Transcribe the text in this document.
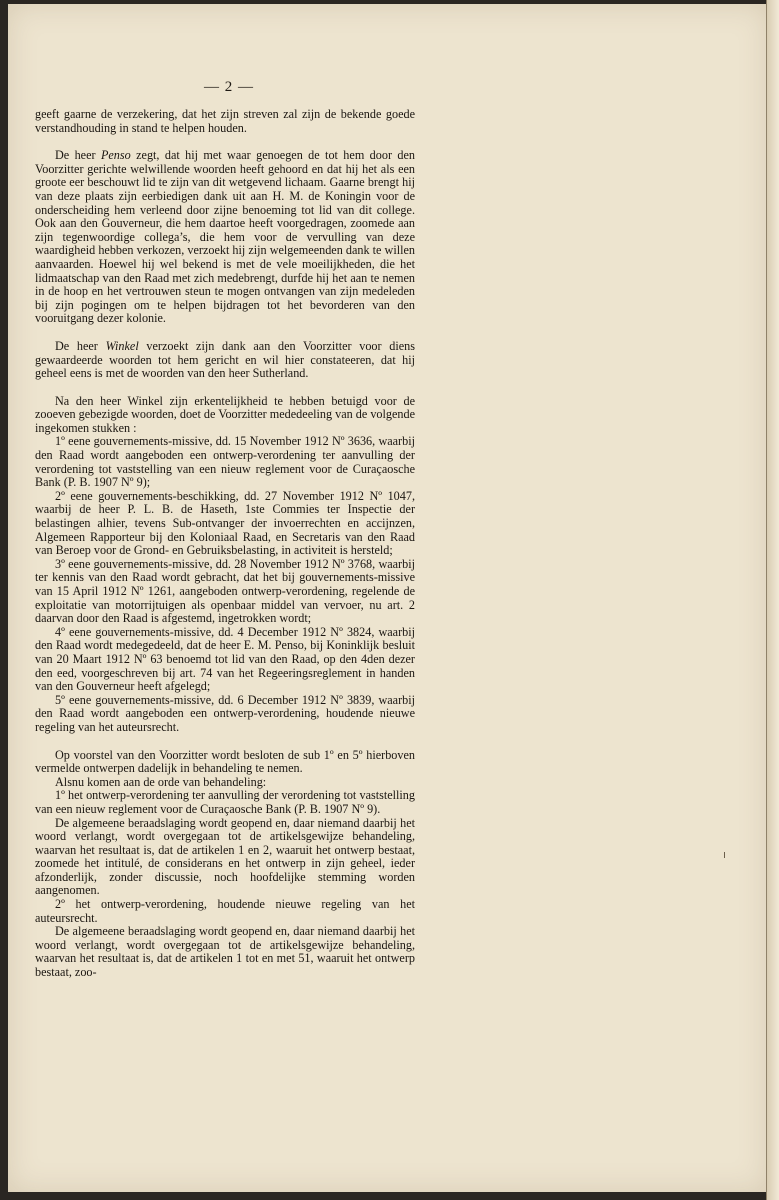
— 2 —

geeft gaarne de verzekering, dat het zijn streven zal zijn de bekende goede verstandhouding in stand te helpen houden.

De heer Penso zegt, dat hij met waar genoegen de tot hem door den Voorzitter gerichte welwillende woorden heeft gehoord en dat hij het als een groote eer beschouwt lid te zijn van dit wetgevend lichaam. Gaarne brengt hij van deze plaats zijn eerbiedigen dank uit aan H. M. de Koningin voor de onderscheiding hem verleend door zijne benoeming tot lid van dit college. Ook aan den Gouverneur, die hem daartoe heeft voorgedragen, zoomede aan zijn tegenwoordige collega’s, die hem voor de vervulling van deze waardigheid hebben verkozen, verzoekt hij zijn welgemeenden dank te willen aanvaarden. Hoewel hij wel bekend is met de vele moeilijkheden, die het lidmaatschap van den Raad met zich medebrengt, durfde hij het aan te nemen in de hoop en het vertrouwen steun te mogen ontvangen van zijn medeleden bij zijn pogingen om te helpen bijdragen tot het bevorderen van den vooruitgang dezer kolonie.

De heer Winkel verzoekt zijn dank aan den Voorzitter voor diens gewaardeerde woorden tot hem gericht en wil hier constateeren, dat hij geheel eens is met de woorden van den heer Sutherland.

Na den heer Winkel zijn erkentelijkheid te hebben betuigd voor de zooeven gebezigde woorden, doet de Voorzitter mededeeling van de volgende ingekomen stukken :

1º eene gouvernements-missive, dd. 15 November 1912 Nº 3636, waarbij den Raad wordt aangeboden een ontwerp-verordening ter aanvulling der verordening tot vaststelling van een nieuw reglement voor de Curaçaosche Bank (P. B. 1907 Nº 9);

2º eene gouvernements-beschikking, dd. 27 November 1912 Nº 1047, waarbij de heer P. L. B. de Haseth, 1ste Commies ter Inspectie der belastingen alhier, tevens Sub-ontvanger der invoerrechten en accijnzen, Algemeen Rapporteur bij den Koloniaal Raad, en Secretaris van den Raad van Beroep voor de Grond- en Gebruiksbelasting, in activiteit is hersteld;

3º eene gouvernements-missive, dd. 28 November 1912 Nº 3768, waarbij ter kennis van den Raad wordt gebracht, dat het bij gouvernements-missive van 15 April 1912 Nº 1261, aangeboden ontwerp-verordening, regelende de exploitatie van motorrijtuigen als openbaar middel van vervoer, nu art. 2 daarvan door den Raad is afgestemd, ingetrokken wordt;

4º eene gouvernements-missive, dd. 4 December 1912 Nº 3824, waarbij den Raad wordt medegedeeld, dat de heer E. M. Penso, bij Koninklijk besluit van 20 Maart 1912 Nº 63 benoemd tot lid van den Raad, op den 4den dezer den eed, voorgeschreven bij art. 74 van het Regeeringsreglement in handen van den Gouverneur heeft afgelegd;

5º eene gouvernements-missive, dd. 6 December 1912 Nº 3839, waarbij den Raad wordt aangeboden een ontwerp-verordening, houdende nieuwe regeling van het auteursrecht.

Op voorstel van den Voorzitter wordt besloten de sub 1º en 5º hierboven vermelde ontwerpen dadelijk in behandeling te nemen.

Alsnu komen aan de orde van behandeling:

1º het ontwerp-verordening ter aanvulling der verordening tot vaststelling van een nieuw reglement voor de Curaçaosche Bank (P. B. 1907 Nº 9).

De algemeene beraadslaging wordt geopend en, daar niemand daarbij het woord verlangt, wordt overgegaan tot de artikelsgewijze behandeling, waarvan het resultaat is, dat de artikelen 1 en 2, waaruit het ontwerp bestaat, zoomede het intitulé, de considerans en het ontwerp in zijn geheel, ieder afzonderlijk, zonder discussie, noch hoofdelijke stemming worden aangenomen.

2º het ontwerp-verordening, houdende nieuwe regeling van het auteursrecht.

De algemeene beraadslaging wordt geopend en, daar niemand daarbij het woord verlangt, wordt overgegaan tot de artikelsgewijze behandeling, waarvan het resultaat is, dat de artikelen 1 tot en met 51, waaruit het ontwerp bestaat, zoo-
